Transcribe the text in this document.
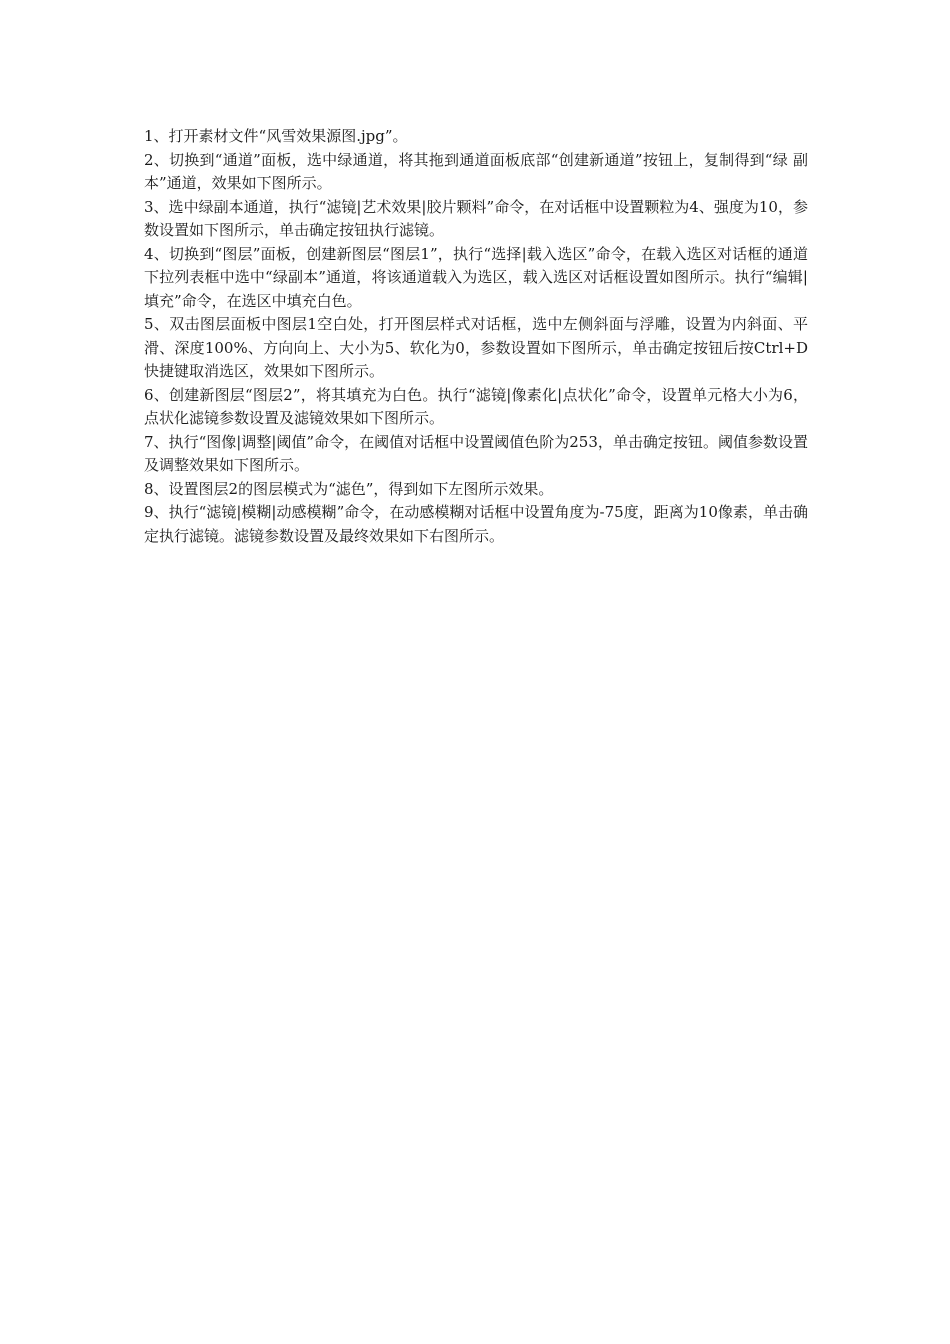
1、打开素材文件“风雪效果源图.jpg”。

2、切换到“通道”面板，选中绿通道，将其拖到通道面板底部“创建新通道”按钮上，复制得到“绿 副本”通道，效果如下图所示。

3、选中绿副本通道，执行“滤镜|艺术效果|胶片颗料”命令，在对话框中设置颗粒为4、强度为10，参数设置如下图所示，单击确定按钮执行滤镜。

4、切换到“图层”面板，创建新图层“图层1”，执行“选择|载入选区”命令，在载入选区对话框的通道下拉列表框中选中“绿副本”通道，将该通道载入为选区，载入选区对话框设置如图所示。执行“编辑|填充”命令，在选区中填充白色。

5、双击图层面板中图层1空白处，打开图层样式对话框，选中左侧斜面与浮雕，设置为内斜面、平滑、深度100%、方向向上、大小为5、软化为0，参数设置如下图所示，单击确定按钮后按Ctrl+D快捷键取消选区，效果如下图所示。

6、创建新图层“图层2”，将其填充为白色。执行“滤镜|像素化|点状化”命令，设置单元格大小为6，点状化滤镜参数设置及滤镜效果如下图所示。

7、执行“图像|调整|阈值”命令，在阈值对话框中设置阈值色阶为253，单击确定按钮。阈值参数设置及调整效果如下图所示。

8、设置图层2的图层模式为“滤色”，得到如下左图所示效果。

9、执行“滤镜|模糊|动感模糊”命令，在动感模糊对话框中设置角度为-75度，距离为10像素，单击确定执行滤镜。滤镜参数设置及最终效果如下右图所示。
